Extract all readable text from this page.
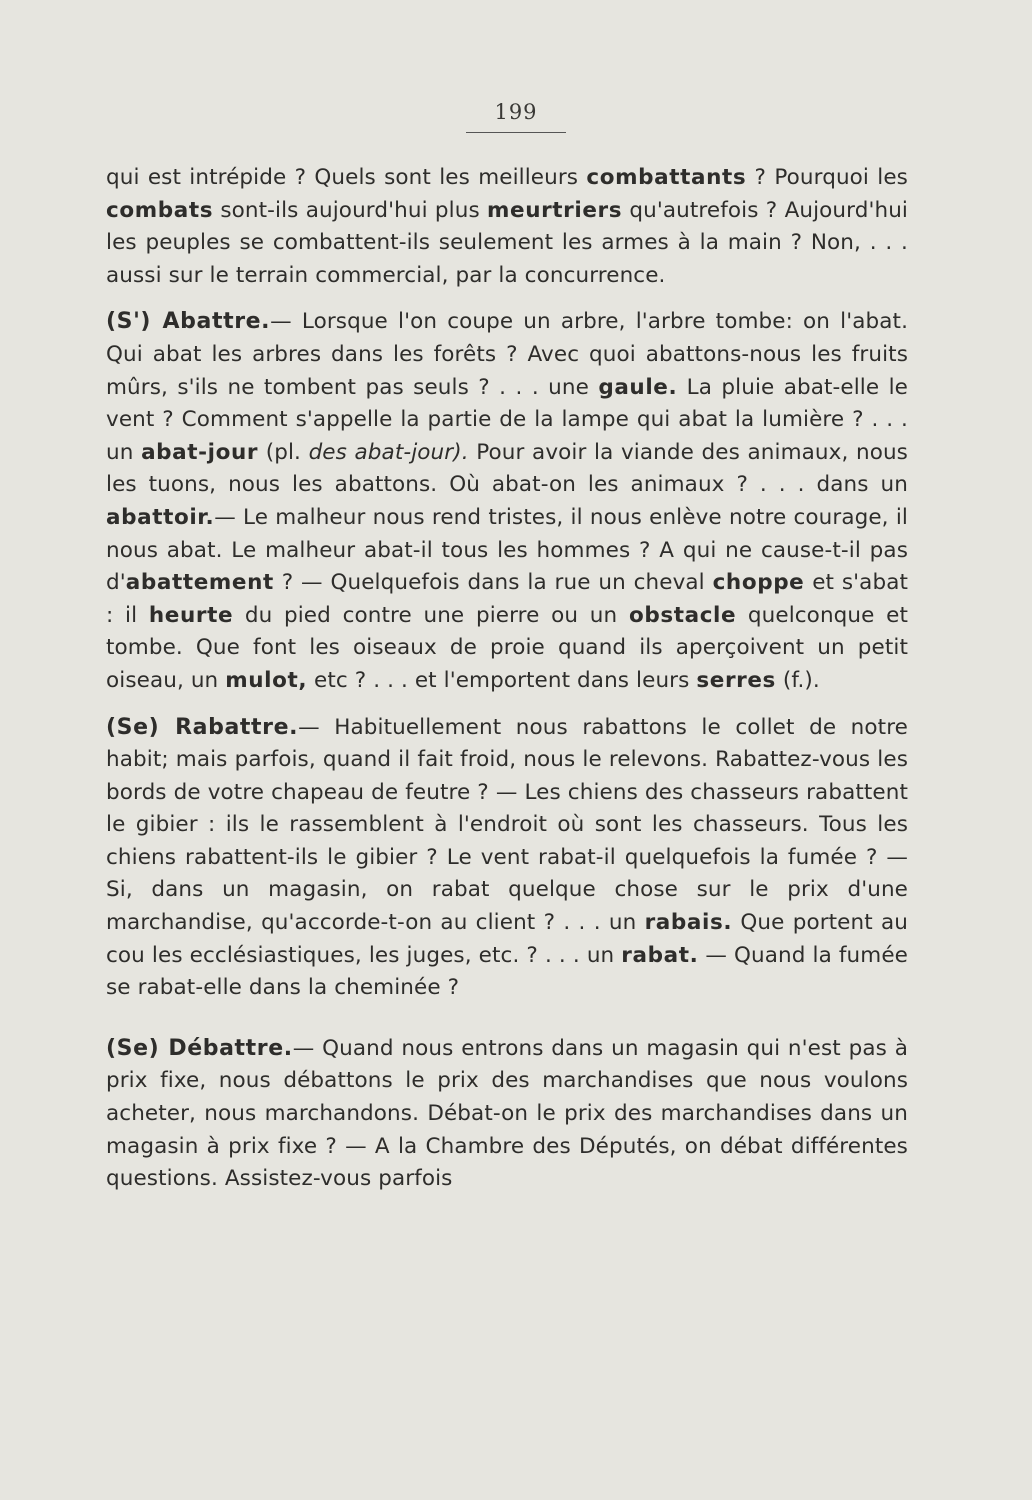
199

qui est intrépide ? Quels sont les meilleurs combattants ? Pourquoi les combats sont-ils aujourd'hui plus meurtriers qu'autrefois ? Aujourd'hui les peuples se combattent-ils seulement les armes à la main ? Non, . . . aussi sur le terrain commercial, par la concurrence.

(S') Abattre.— Lorsque l'on coupe un arbre, l'arbre tombe: on l'abat. Qui abat les arbres dans les forêts ? Avec quoi abattons-nous les fruits mûrs, s'ils ne tombent pas seuls ? . . . une gaule. La pluie abat-elle le vent ? Comment s'appelle la partie de la lampe qui abat la lumière ? . . . un abat-jour (pl. des abat-jour). Pour avoir la viande des animaux, nous les tuons, nous les abattons. Où abat-on les animaux ? . . . dans un abattoir.— Le malheur nous rend tristes, il nous enlève notre courage, il nous abat. Le malheur abat-il tous les hommes ? A qui ne cause-t-il pas d'abattement ? — Quelquefois dans la rue un cheval choppe et s'abat : il heurte du pied contre une pierre ou un obstacle quelconque et tombe. Que font les oiseaux de proie quand ils aperçoivent un petit oiseau, un mulot, etc ? . . . et l'emportent dans leurs serres (f.).

(Se) Rabattre.— Habituellement nous rabattons le collet de notre habit; mais parfois, quand il fait froid, nous le relevons. Rabattez-vous les bords de votre chapeau de feutre ? — Les chiens des chasseurs rabattent le gibier : ils le rassemblent à l'endroit où sont les chasseurs. Tous les chiens rabattent-ils le gibier ? Le vent rabat-il quelquefois la fumée ? — Si, dans un magasin, on rabat quelque chose sur le prix d'une marchandise, qu'accorde-t-on au client ? . . . un rabais. Que portent au cou les ecclésiastiques, les juges, etc. ? . . . un rabat. — Quand la fumée se rabat-elle dans la cheminée ?

(Se) Débattre.— Quand nous entrons dans un magasin qui n'est pas à prix fixe, nous débattons le prix des marchandises que nous voulons acheter, nous marchandons. Débat-on le prix des marchandises dans un magasin à prix fixe ? — A la Chambre des Députés, on débat différentes questions. Assistez-vous parfois
